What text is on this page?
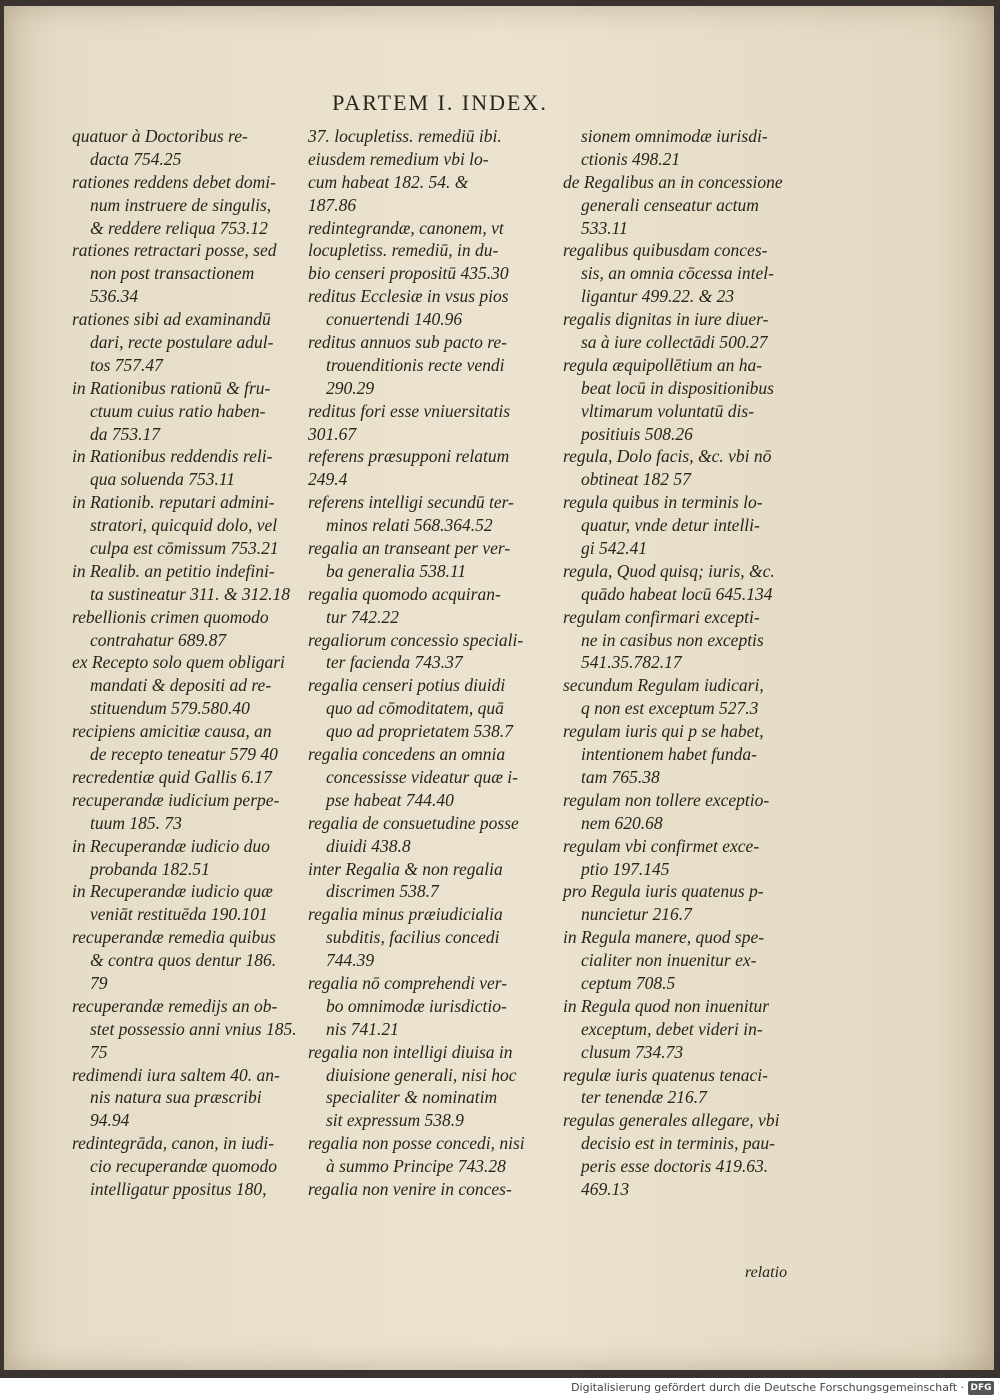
PARTEM I. INDEX.
quatuor à Doctoribus re-
dacta 754.25
rationes reddens debet domi-
num instruere de singulis,
& reddere reliqua 753.12
rationes retractari posse, sed
non post transactionem
536.34
rationes sibi ad examinandū
dari, recte postulare adul-
tos 757.47
in Rationibus rationū & fru-
ctuum cuius ratio haben-
da 753.17
in Rationibus reddendis reli-
qua soluenda 753.11
in Rationib. reputari admini-
stratori, quicquid dolo, vel
culpa est cōmissum 753.21
in Realib. an petitio indefini-
ta sustineatur 311. & 312.18
rebellionis crimen quomodo
contrahatur 689.87
ex Recepto solo quem obligari
mandati & depositi ad re-
stituendum 579.580.40
recipiens amicitiæ causa, an
de recepto teneatur 579 40
recredentiæ quid Gallis 6.17
recuperandæ iudicium perpe-
tuum 185. 73
in Recuperandæ iudicio duo
probanda 182.51
in Recuperandæ iudicio quæ
veniāt restituēda 190.101
recuperandæ remedia quibus
& contra quos dentur 186.
79
recuperandæ remedijs an ob-
stet possessio anni vnius 185.
75
redimendi iura saltem 40. an-
nis natura sua præscribi
94.94
redintegrāda, canon, in iudi-
cio recuperandæ quomodo
intelligatur ppositus 180,
37. locupletiss. remediū ibi.
eiusdem remedium vbi lo-
cum habeat 182. 54. &
187.86
redintegrandæ, canonem, vt
locupletiss. remediū, in du-
bio censeri propositū 435.30
reditus Ecclesiæ in vsus pios
conuertendi 140.96
reditus annuos sub pacto re-
trouenditionis recte vendi
290.29
reditus fori esse vniuersitatis
301.67
referens præsupponi relatum
249.4
referens intelligi secundū ter-
minos relati 568.364.52
regalia an transeant per ver-
ba generalia 538.11
regalia quomodo acquiran-
tur 742.22
regaliorum concessio speciali-
ter facienda 743.37
regalia censeri potius diuidi
quo ad cōmoditatem, quā
quo ad proprietatem 538.7
regalia concedens an omnia
concessisse videatur quæ i-
pse habeat 744.40
regalia de consuetudine posse
diuidi 438.8
inter Regalia & non regalia
discrimen 538.7
regalia minus præiudicialia
subditis, facilius concedi
744.39
regalia nō comprehendi ver-
bo omnimodæ iurisdictio-
nis 741.21
regalia non intelligi diuisa in
diuisione generali, nisi hoc
specialiter & nominatim
sit expressum 538.9
regalia non posse concedi, nisi
à summo Principe 743.28
regalia non venire in conces-
sionem omnimodæ iurisdi-
ctionis 498.21
de Regalibus an in concessione
generali censeatur actum
533.11
regalibus quibusdam conces-
sis, an omnia cōcessa intel-
ligantur 499.22. & 23
regalis dignitas in iure diuer-
sa à iure collectādi 500.27
regula æquipollētium an ha-
beat locū in dispositionibus
vltimarum voluntatū dis-
positiuis 508.26
regula, Dolo facis, &c. vbi nō
obtineat 182 57
regula quibus in terminis lo-
quatur, vnde detur intelli-
gi 542.41
regula, Quod quisq; iuris, &c.
quādo habeat locū 645.134
regulam confirmari excepti-
ne in casibus non exceptis
541.35.782.17
secundum Regulam iudicari,
q non est exceptum 527.3
regulam iuris qui p se habet,
intentionem habet funda-
tam 765.38
regulam non tollere exceptio-
nem 620.68
regulam vbi confirmet exce-
ptio 197.145
pro Regula iuris quatenus p-
nuncietur 216.7
in Regula manere, quod spe-
cialiter non inuenitur ex-
ceptum 708.5
in Regula quod non inuenitur
exceptum, debet videri in-
clusum 734.73
regulæ iuris quatenus tenaci-
ter tenendæ 216.7
regulas generales allegare, vbi
decisio est in terminis, pau-
peris esse doctoris 419.63.
469.13
relatio
Digitalisierung gefördert durch die Deutsche Forschungsgemeinschaft · DFG
